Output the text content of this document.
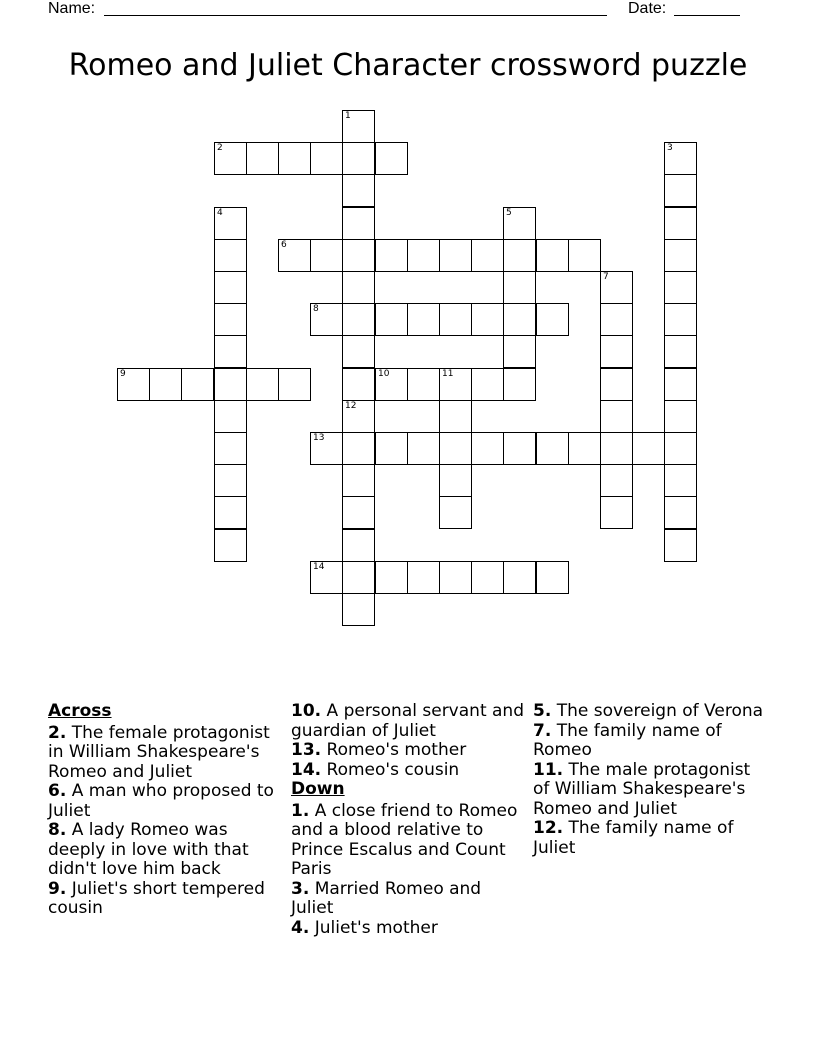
Name:	Date:
Romeo and Juliet Character crossword puzzle
1
12
2	3
4	5
6
7
8
9	10	11
13
14
Across

2. The female protagonist in William Shakespeare's Romeo and Juliet

6. A man who proposed to Juliet

8. A lady Romeo was deeply in love with that didn't love him back

9. Juliet's short tempered cousin

10. A personal servant and guardian of Juliet

13. Romeo's mother

14. Romeo's cousin

Down

1. A close friend to Romeo and a blood relative to Prince Escalus and Count Paris

3. Married Romeo and Juliet

4. Juliet's mother

5. The sovereign of Verona

7. The family name of Romeo

11. The male protagonist of William Shakespeare's Romeo and Juliet

12. The family name of Juliet
